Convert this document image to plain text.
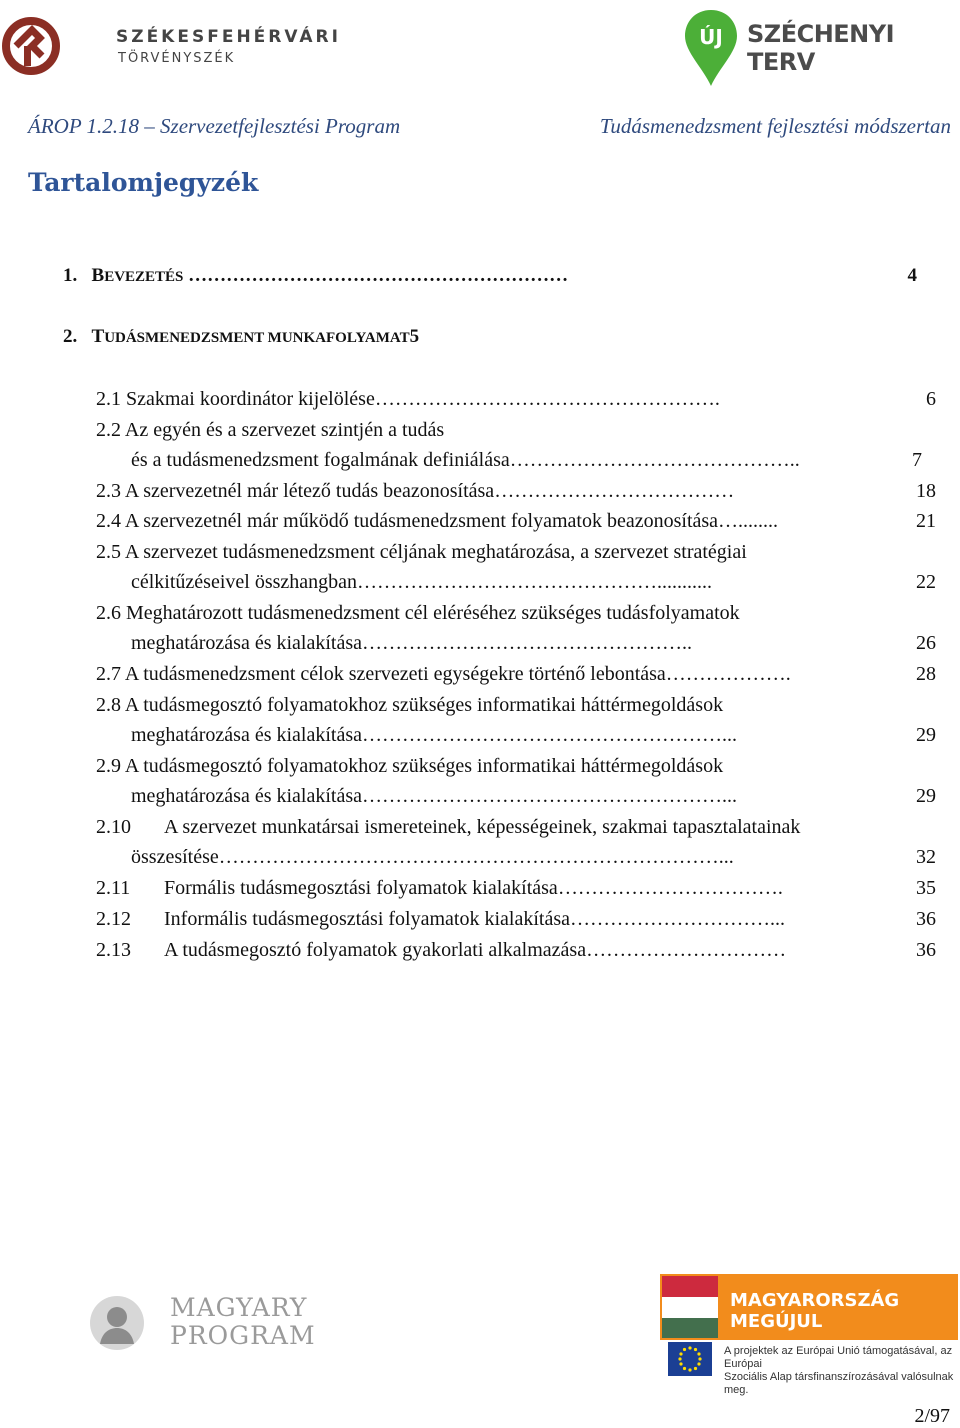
SZÉKESFEHÉRVÁRI
TÖRVÉNYSZÉK
ÚJ SZÉCHENYI TERV
ÁROP 1.2.18 – Szervezetfejlesztési Program	Tudásmenedzsment fejlesztési módszertan
Tartalomjegyzék
1. BEVEZETÉS ……………………………………………………	4
2. TUDÁSMENEDZSMENT MUNKAFOLYAMAT5
2.1 Szakmai koordinátor kijelölése …………………………………………….	6
2.2 Az egyén és a szervezet szintjén a tudás
és a tudásmenedzsment fogalmának definiálása ……………………………………..	7
2.3 A szervezetnél már létező tudás beazonosítása ………………………………	18
2.4 A szervezetnél már működő tudásmenedzsment folyamatok beazonosítása …........	21
2.5 A szervezet tudásmenedzsment céljának meghatározása, a szervezet stratégiai
célkitűzéseivel összhangban ………………………………………...........	22
2.6 Meghatározott tudásmenedzsment cél eléréséhez szükséges tudásfolyamatok
meghatározása és kialakítása …………………………………………..	26
2.7 A tudásmenedzsment célok szervezeti egységekre történő lebontása ……………….	28
2.8 A tudásmegosztó folyamatokhoz szükséges informatikai háttérmegoldások
meghatározása és kialakítása ………………………………………………...	29
2.9 A tudásmegosztó folyamatokhoz szükséges informatikai háttérmegoldások
meghatározása és kialakítása ………………………………………………...	29
2.10 A szervezet munkatársai ismereteinek, képességeinek, szakmai tapasztalatainak
összesítése …………………………………………………………………...	32
2.11	Formális tudásmegosztási folyamatok kialakítása …………………………….	35
2.12	Informális tudásmegosztási folyamatok kialakítása …………………………...	36
2.13	A tudásmegosztó folyamatok gyakorlati alkalmazása …………………………	36
MAGYARY
PROGRAM
MAGYARORSZÁG MEGÚJUL
A projektek az Európai Unió támogatásával, az Európai
Szociális Alap társfinanszírozásával valósulnak meg.
2/97
